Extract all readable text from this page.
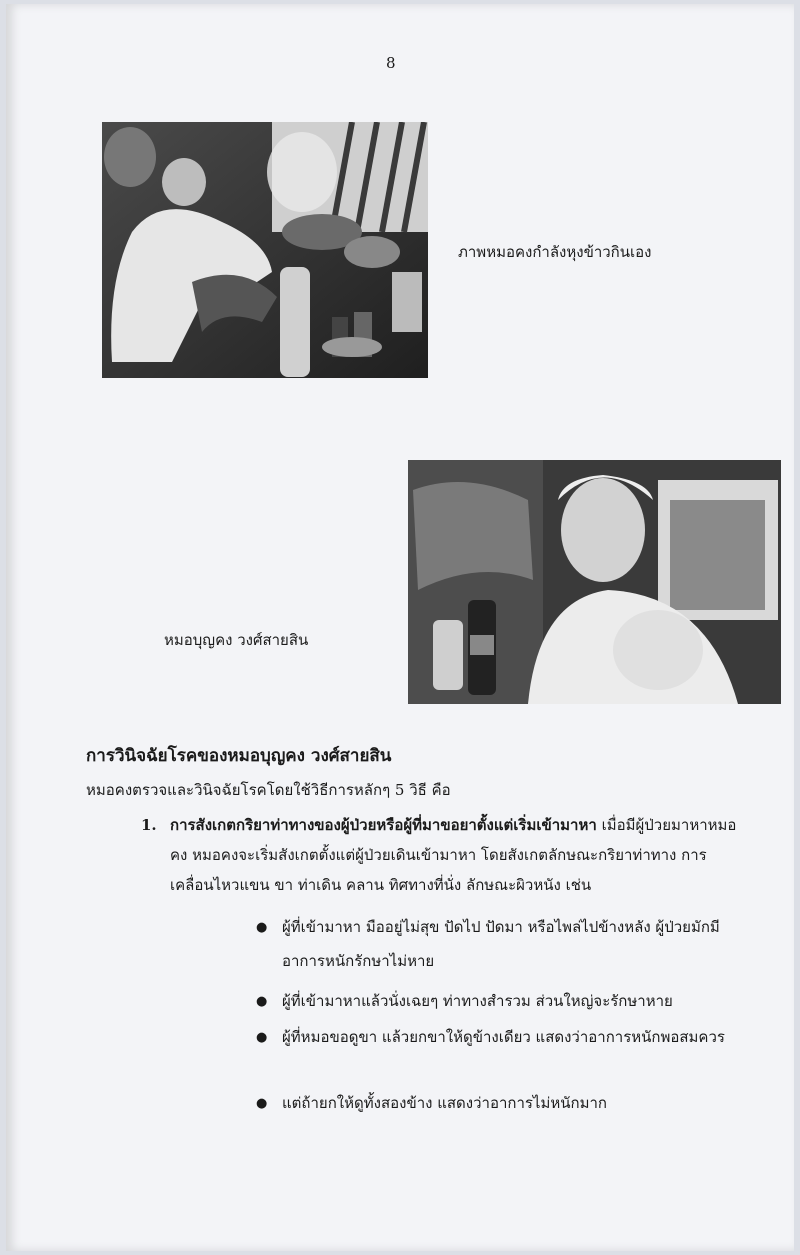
8
ภาพหมอคงกำลังหุงข้าวกินเอง
หมอบุญคง วงศ์สายสิน
การวินิจฉัยโรคของหมอบุญคง วงศ์สายสิน
หมอคงตรวจและวินิจฉัยโรคโดยใช้วิธีการหลักๆ 5 วิธี คือ
1. การสังเกตกริยาท่าทางของผู้ป่วยหรือผู้ที่มาขอยาตั้งแต่เริ่มเข้ามาหา เมื่อมีผู้ป่วยมาหาหมอคง หมอคงจะเริ่มสังเกตตั้งแต่ผู้ป่วยเดินเข้ามาหา โดยสังเกตลักษณะกริยาท่าทาง การเคลื่อนไหวแขน ขา ท่าเดิน คลาน ทิศทางที่นั่ง ลักษณะผิวหนัง เช่น
● ผู้ที่เข้ามาหา มืออยู่ไม่สุข ปัดไป ปัดมา หรือไพล่ไปข้างหลัง ผู้ป่วยมักมีอาการหนักรักษาไม่หาย
● ผู้ที่เข้ามาหาแล้วนั่งเฉยๆ ท่าทางสำรวม ส่วนใหญ่จะรักษาหาย
● ผู้ที่หมอขอดูขา แล้วยกขาให้ดูข้างเดียว แสดงว่าอาการหนักพอสมควร
● แต่ถ้ายกให้ดูทั้งสองข้าง แสดงว่าอาการไม่หนักมาก
